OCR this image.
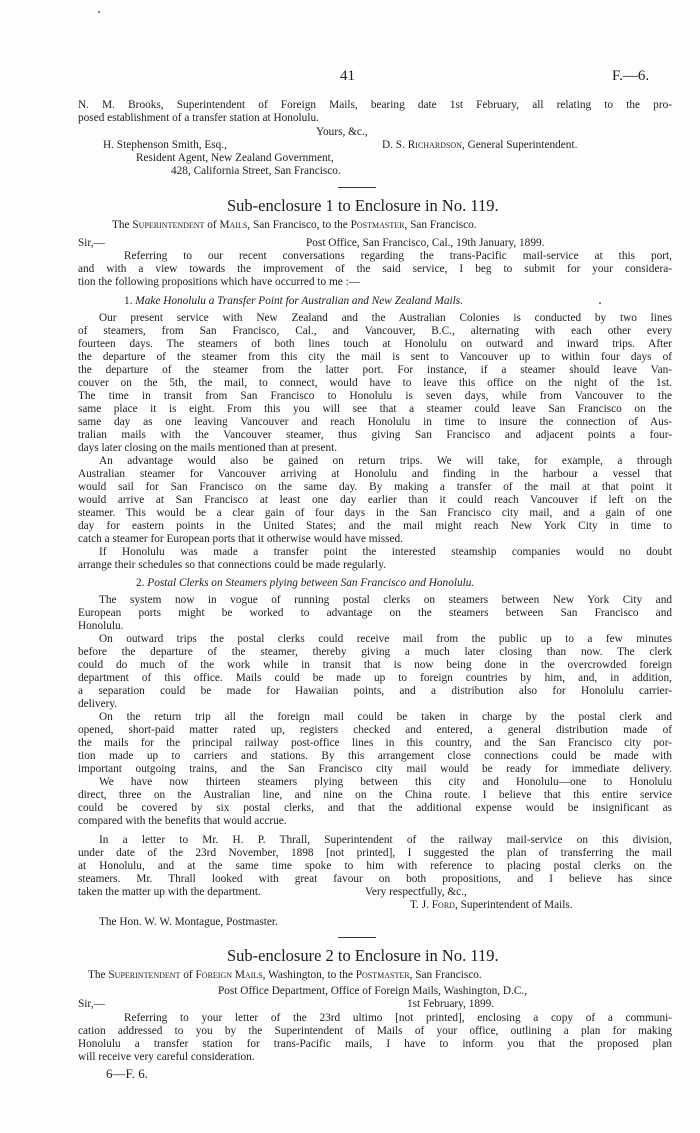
41	F.—6.
N. M. Brooks, Superintendent of Foreign Mails, bearing date 1st February, all relating to the pro-
posed establishment of a transfer station at Honolulu.
Yours, &c.,
H. Stephenson Smith, Esq.,	D. S. Richardson, General Superintendent.
Resident Agent, New Zealand Government,
428, California Street, San Francisco.
Sub-enclosure 1 to Enclosure in No. 119.
The Superintendent of Mails, San Francisco, to the Postmaster, San Francisco.
Sir,—	Post Office, San Francisco, Cal., 19th January, 1899.
Referring to our recent conversations regarding the trans-Pacific mail-service at this port,
and with a view towards the improvement of the said service, I beg to submit for your considera-
tion the following propositions which have occurred to me :—
1. Make Honolulu a Transfer Point for Australian and New Zealand Mails.
Our present service with New Zealand and the Australian Colonies is conducted by two lines
of steamers, from San Francisco, Cal., and Vancouver, B.C., alternating with each other every
fourteen days. The steamers of both lines touch at Honolulu on outward and inward trips. After
the departure of the steamer from this city the mail is sent to Vancouver up to within four days of
the departure of the steamer from the latter port. For instance, if a steamer should leave Van-
couver on the 5th, the mail, to connect, would have to leave this office on the night of the 1st.
The time in transit from San Francisco to Honolulu is seven days, while from Vancouver to the
same place it is eight. From this you will see that a steamer could leave San Francisco on the
same day as one leaving Vancouver and reach Honolulu in time to insure the connection of Aus-
tralian mails with the Vancouver steamer, thus giving San Francisco and adjacent points a four-
days later closing on the mails mentioned than at present.
An advantage would also be gained on return trips. We will take, for example, a through
Australian steamer for Vancouver arriving at Honolulu and finding in the harbour a vessel that
would sail for San Francisco on the same day. By making a transfer of the mail at that point it
would arrive at San Francisco at least one day earlier than it could reach Vancouver if left on the
steamer. This would be a clear gain of four days in the San Francisco city mail, and a gain of one
day for eastern points in the United States; and the mail might reach New York City in time to
catch a steamer for European ports that it otherwise would have missed.
If Honolulu was made a transfer point the interested steamship companies would no doubt
arrange their schedules so that connections could be made regularly.
2. Postal Clerks on Steamers plying between San Francisco and Honolulu.
The system now in vogue of running postal clerks on steamers between New York City and
European ports might be worked to advantage on the steamers between San Francisco and
Honolulu.
On outward trips the postal clerks could receive mail from the public up to a few minutes
before the departure of the steamer, thereby giving a much later closing than now. The clerk
could do much of the work while in transit that is now being done in the overcrowded foreign
department of this office. Mails could be made up to foreign countries by him, and, in addition,
a separation could be made for Hawaiian points, and a distribution also for Honolulu carrier-
delivery.
On the return trip all the foreign mail could be taken in charge by the postal clerk and
opened, short-paid matter rated up, registers checked and entered, a general distribution made of
the mails for the principal railway post-office lines in this country, and the San Francisco city por-
tion made up to carriers and stations. By this arrangement close connections could be made with
important outgoing trains, and the San Francisco city mail would be ready for immediate delivery.
We have now thirteen steamers plying between this city and Honolulu—one to Honolulu
direct, three on the Australian line, and nine on the China route. I believe that this entire service
could be covered by six postal clerks, and that the additional expense would be insignificant as
compared with the benefits that would accrue.
In a letter to Mr. H. P. Thrall, Superintendent of the railway mail-service on this division,
under date of the 23rd November, 1898 [not printed], I suggested the plan of transferring the mail
at Honolulu, and at the same time spoke to him with reference to placing postal clerks on the
steamers. Mr. Thrall looked with great favour on both propositions, and I believe has since
taken the matter up with the department.	Very respectfully, &c.,
T. J. Ford, Superintendent of Mails.
The Hon. W. W. Montague, Postmaster.
Sub-enclosure 2 to Enclosure in No. 119.
The Superintendent of Foreign Mails, Washington, to the Postmaster, San Francisco.
Post Office Department, Office of Foreign Mails, Washington, D.C.,
Sir,—	1st February, 1899.
Referring to your letter of the 23rd ultimo [not printed], enclosing a copy of a communi-
cation addressed to you by the Superintendent of Mails of your office, outlining a plan for making
Honolulu a transfer station for trans-Pacific mails, I have to inform you that the proposed plan
will receive very careful consideration.
6—F. 6.
